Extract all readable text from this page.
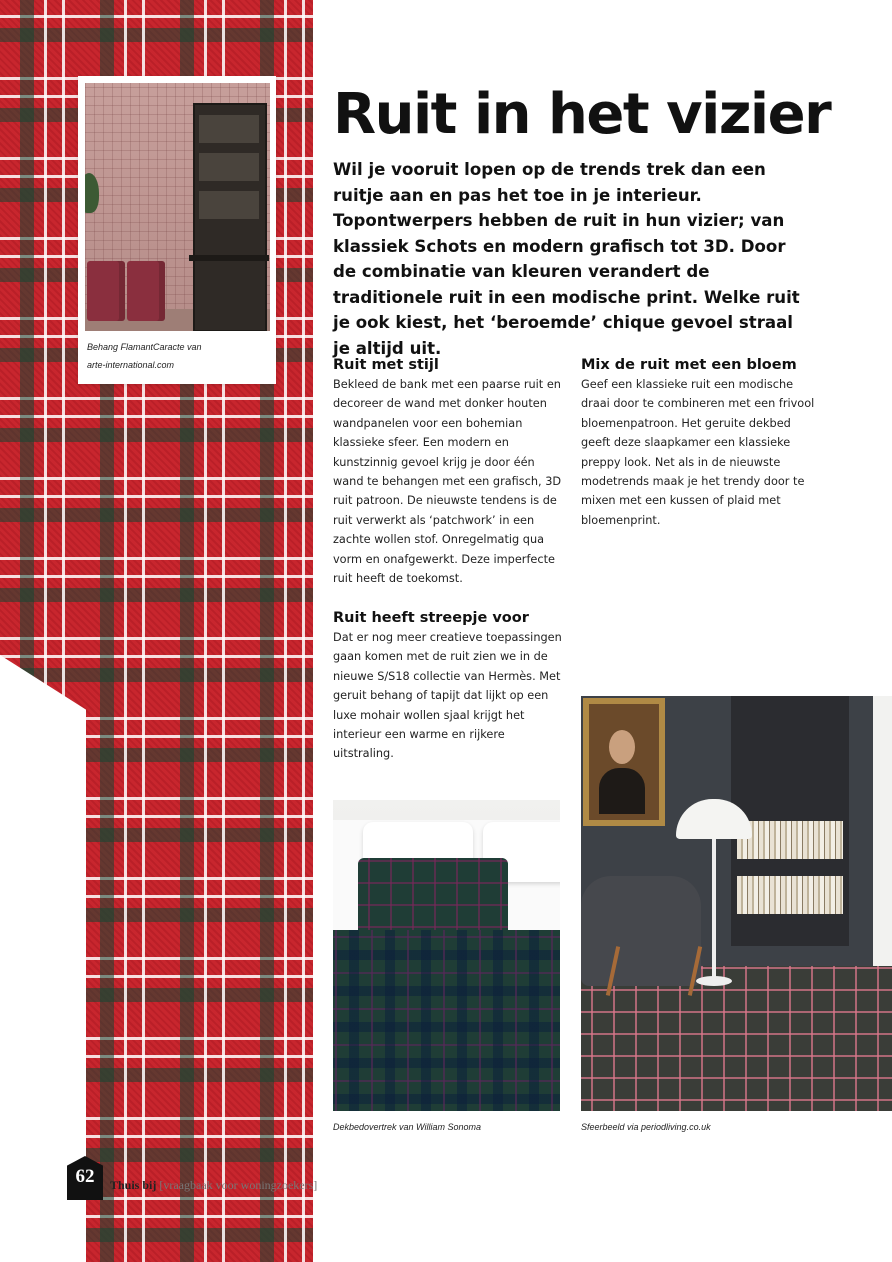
Behang FlamantCaracte van
arte-international.com
Ruit in het vizier

Wil je vooruit lopen op de trends trek dan een ruitje aan en pas het toe in je interieur. Topontwerpers hebben de ruit in hun vizier; van klassiek Schots en modern grafisch tot 3D. Door de combinatie van kleuren verandert de traditionele ruit in een modische print. Welke ruit je ook kiest, het ‘beroemde’ chique gevoel straal je altijd uit.

Ruit met stijl

Bekleed de bank met een paarse ruit en decoreer de wand met donker houten wandpanelen voor een bohemian klassieke sfeer. Een modern en kunstzinnig gevoel krijg je door één wand te behangen met een grafisch, 3D ruit patroon. De nieuwste tendens is de ruit verwerkt als ‘patchwork’ in een zachte wollen stof. Onregelmatig qua vorm en onafgewerkt. Deze imperfecte ruit heeft de toekomst.

Mix de ruit met een bloem

Geef een klassieke ruit een modische draai door te combineren met een frivool bloemenpatroon. Het geruite dekbed geeft deze slaapkamer een klassieke preppy look. Net als in de nieuwste modetrends maak je het trendy door te mixen met een kussen of plaid met bloemenprint.

Ruit heeft streepje voor

Dat er nog meer creatieve toepassingen gaan komen met de ruit zien we in de nieuwe S/S18 collectie van Hermès. Met geruit behang of tapijt dat lijkt op een luxe mohair wollen sjaal krijgt het interieur een warme en rijkere uitstraling.

Dekbedovertrek van William Sonoma	Sfeerbeeld via periodliving.co.uk
62	Thuis bij [vraagbaak voor woningzoekers]
